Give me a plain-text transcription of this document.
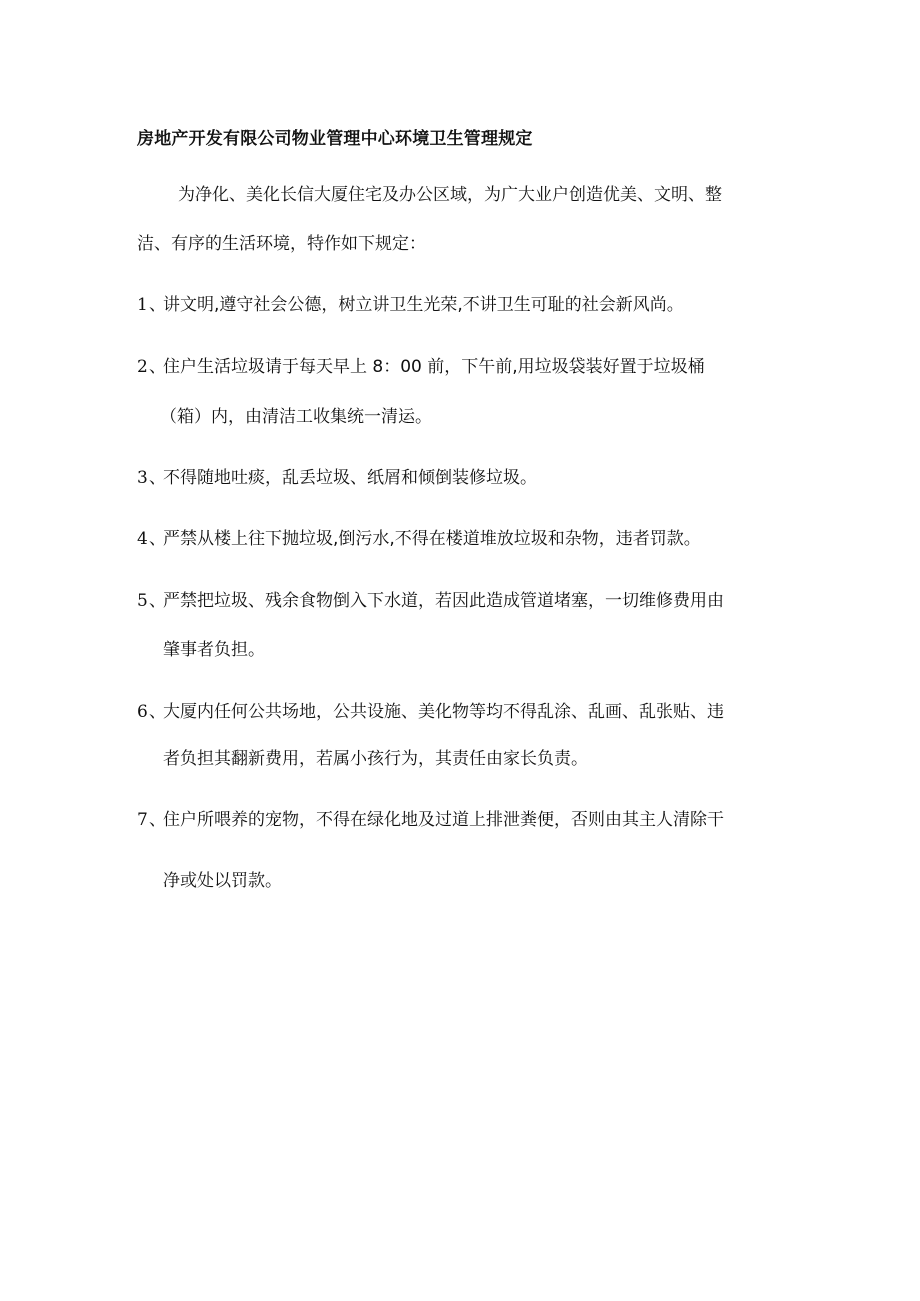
房地产开发有限公司物业管理中心环境卫生管理规定
为净化、美化长信大厦住宅及办公区域，为广大业户创造优美、文明、整
洁、有序的生活环境，特作如下规定：
1、讲文明,遵守社会公德，树立讲卫生光荣,不讲卫生可耻的社会新风尚。
2、住户生活垃圾请于每天早上 8：00 前，下午前,用垃圾袋装好置于垃圾桶
（箱）内，由清洁工收集统一清运。
3、不得随地吐痰，乱丢垃圾、纸屑和倾倒装修垃圾。
4、严禁从楼上往下抛垃圾,倒污水,不得在楼道堆放垃圾和杂物，违者罚款。
5、严禁把垃圾、残余食物倒入下水道，若因此造成管道堵塞，一切维修费用由
肇事者负担。
6、大厦内任何公共场地，公共设施、美化物等均不得乱涂、乱画、乱张贴、违
者负担其翻新费用，若属小孩行为，其责任由家长负责。
7、住户所喂养的宠物，不得在绿化地及过道上排泄粪便，否则由其主人清除干
净或处以罚款。
